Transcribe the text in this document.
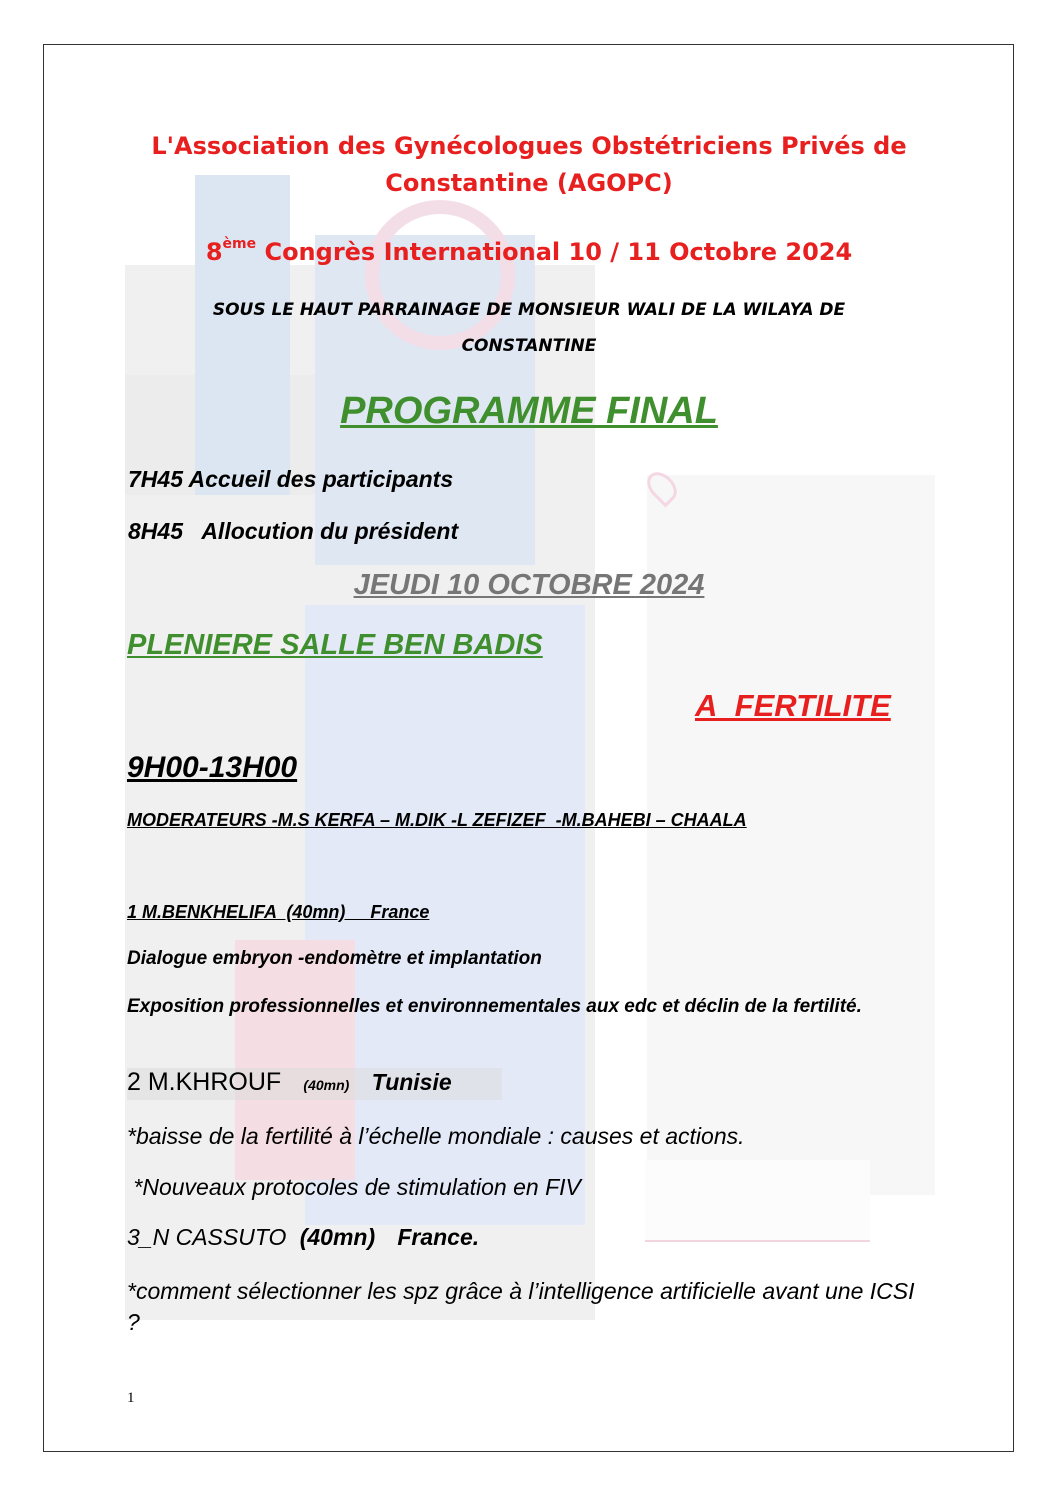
L'Association des Gynécologues Obstétriciens Privés de Constantine (AGOPC)
8ème Congrès International 10 / 11 Octobre 2024
SOUS LE HAUT PARRAINAGE DE MONSIEUR WALI DE LA WILAYA DE
CONSTANTINE
PROGRAMME FINAL
7H45 Accueil des participants
8H45 Allocution du président
JEUDI 10 OCTOBRE 2024
PLENIERE SALLE BEN BADIS
A_FERTILITE
9H00-13H00
MODERATEURS -M.S KERFA – M.DIK -L ZEFIZEF  -M.BAHEBI – CHAALA
1 M.BENKHELIFA  (40mn)     France
Dialogue embryon -endomètre et implantation
Exposition professionnelles et environnementales aux edc et déclin de la fertilité.
2 M.KHROUF (40mn) Tunisie
*baisse de la fertilité à l’échelle mondiale : causes et actions.
*Nouveaux protocoles de stimulation en FIV
3_N CASSUTO (40mn) France.
*comment sélectionner les spz grâce à l’intelligence artificielle avant une ICSI ?
1
